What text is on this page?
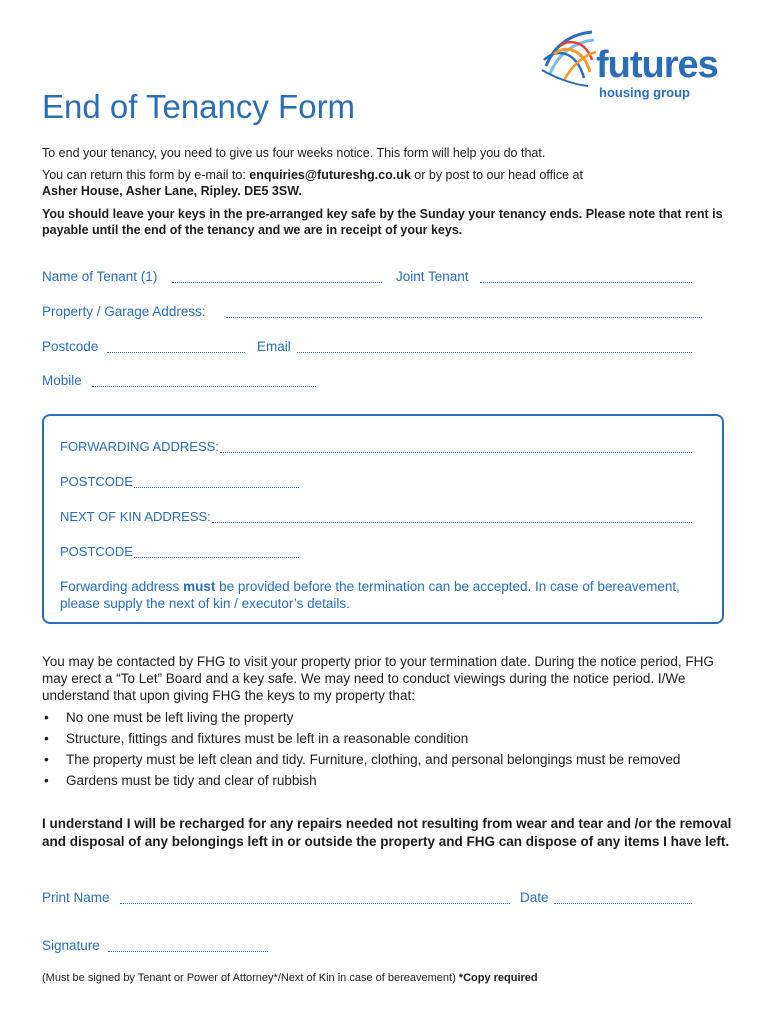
futures
housing group
End of Tenancy Form

To end your tenancy, you need to give us four weeks notice. This form will help you do that.

You can return this form by e-mail to: enquiries@futureshg.co.uk or by post to our head office at

Asher House, Asher Lane, Ripley. DE5 3SW.

You should leave your keys in the pre-arranged key safe by the Sunday your tenancy ends. Please note that rent is payable until the end of the tenancy and we are in receipt of your keys.

Name of Tenant (1)	Joint Tenant
Property / Garage Address:
Postcode	Email
Mobile
FORWARDING ADDRESS:
POSTCODE
NEXT OF KIN ADDRESS:
POSTCODE

Forwarding address must be provided before the termination can be accepted. In case of bereavement, please supply the next of kin / executor’s details.

You may be contacted by FHG to visit your property prior to your termination date. During the notice period, FHG may erect a “To Let” Board and a key safe. We may need to conduct viewings during the notice period. I/We understand that upon giving FHG the keys to my property that:

• No one must be left living the property
• Structure, fittings and fixtures must be left in a reasonable condition
• The property must be left clean and tidy. Furniture, clothing, and personal belongings must be removed
• Gardens must be tidy and clear of rubbish

I understand I will be recharged for any repairs needed not resulting from wear and tear and /or the removal and disposal of any belongings left in or outside the property and FHG can dispose of any items I have left.

Print Name	Date
Signature

(Must be signed by Tenant or Power of Attorney*/Next of Kin in case of bereavement) *Copy required
